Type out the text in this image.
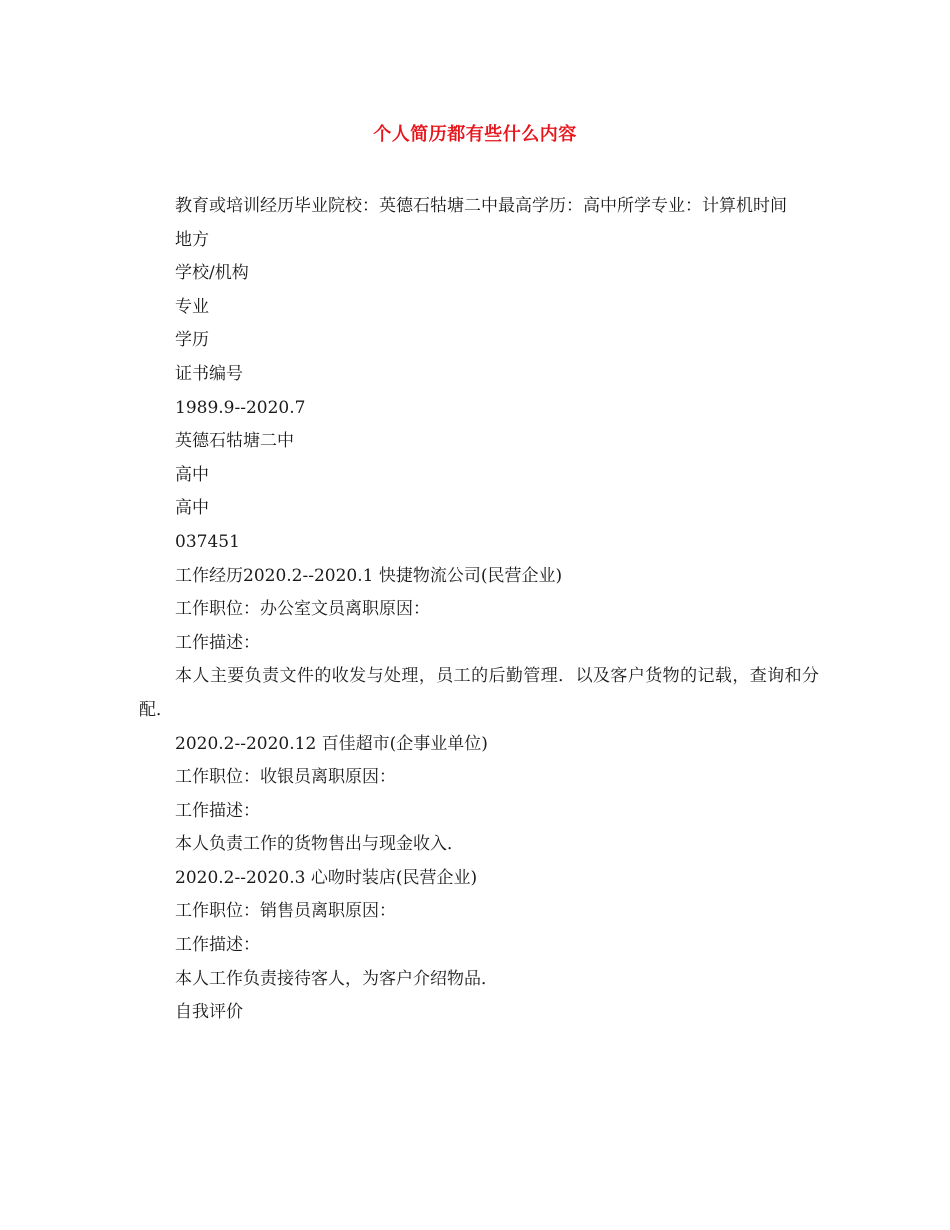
个人简历都有些什么内容

教育或培训经历毕业院校：英德石牯塘二中最高学历：高中所学专业：计算机时间

地方

学校/机构

专业

学历

证书编号

1989.9--2020.7

英德石牯塘二中

高中

高中

037451

工作经历2020.2--2020.1 快捷物流公司(民营企业)

工作职位：办公室文员离职原因：

工作描述：

本人主要负责文件的收发与处理，员工的后勤管理．以及客户货物的记载，查询和分配．

2020.2--2020.12 百佳超市(企事业单位)

工作职位：收银员离职原因：

工作描述：

本人负责工作的货物售出与现金收入．

2020.2--2020.3 心吻时装店(民营企业)

工作职位：销售员离职原因：

工作描述：

本人工作负责接待客人，为客户介绍物品．

自我评价
